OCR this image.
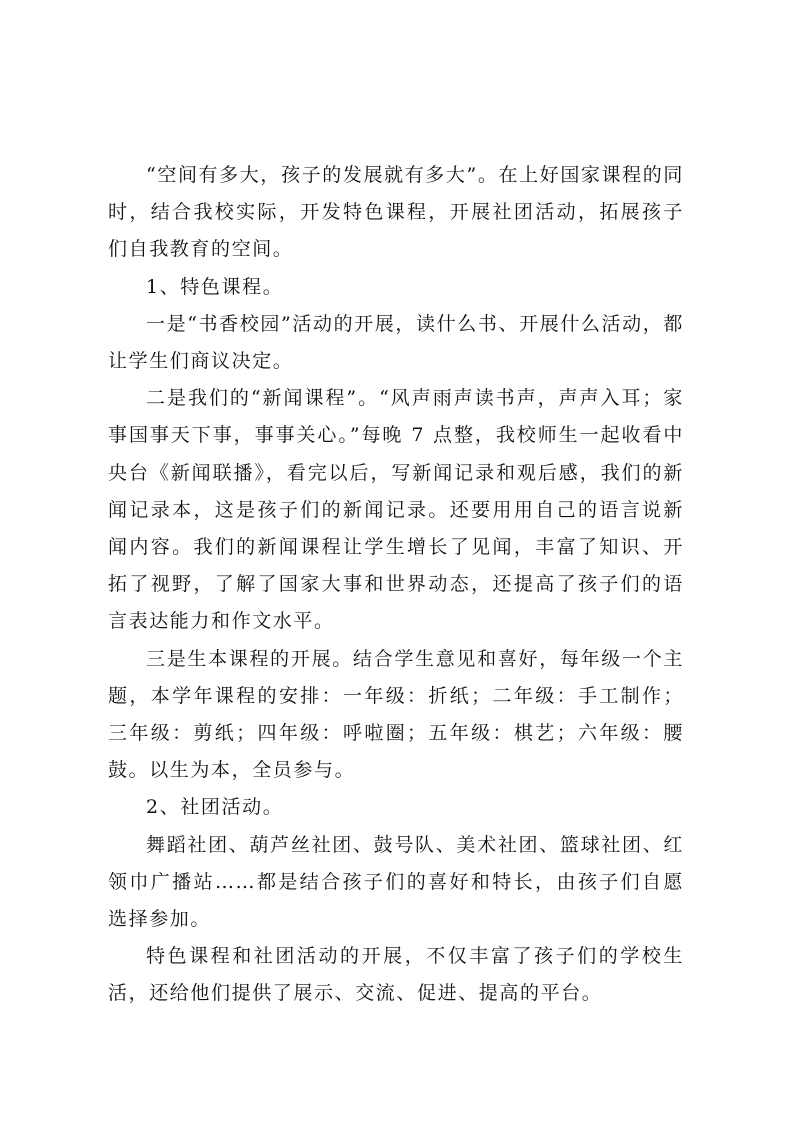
“空间有多大，孩子的发展就有多大”。在上好国家课程的同时，结合我校实际，开发特色课程，开展社团活动，拓展孩子们自我教育的空间。

1、特色课程。

一是“书香校园”活动的开展，读什么书、开展什么活动，都让学生们商议决定。

二是我们的“新闻课程”。“风声雨声读书声，声声入耳；家事国事天下事，事事关心。”每晚 7 点整，我校师生一起收看中央台《新闻联播》，看完以后，写新闻记录和观后感，我们的新闻记录本，这是孩子们的新闻记录。还要用用自己的语言说新闻内容。我们的新闻课程让学生增长了见闻，丰富了知识、开拓了视野，了解了国家大事和世界动态，还提高了孩子们的语言表达能力和作文水平。

三是生本课程的开展。结合学生意见和喜好，每年级一个主题，本学年课程的安排：一年级：折纸；二年级：手工制作；三年级：剪纸；四年级：呼啦圈；五年级：棋艺；六年级：腰鼓。以生为本，全员参与。

2、社团活动。

舞蹈社团、葫芦丝社团、鼓号队、美术社团、篮球社团、红领巾广播站……都是结合孩子们的喜好和特长，由孩子们自愿选择参加。

特色课程和社团活动的开展，不仅丰富了孩子们的学校生活，还给他们提供了展示、交流、促进、提高的平台。
